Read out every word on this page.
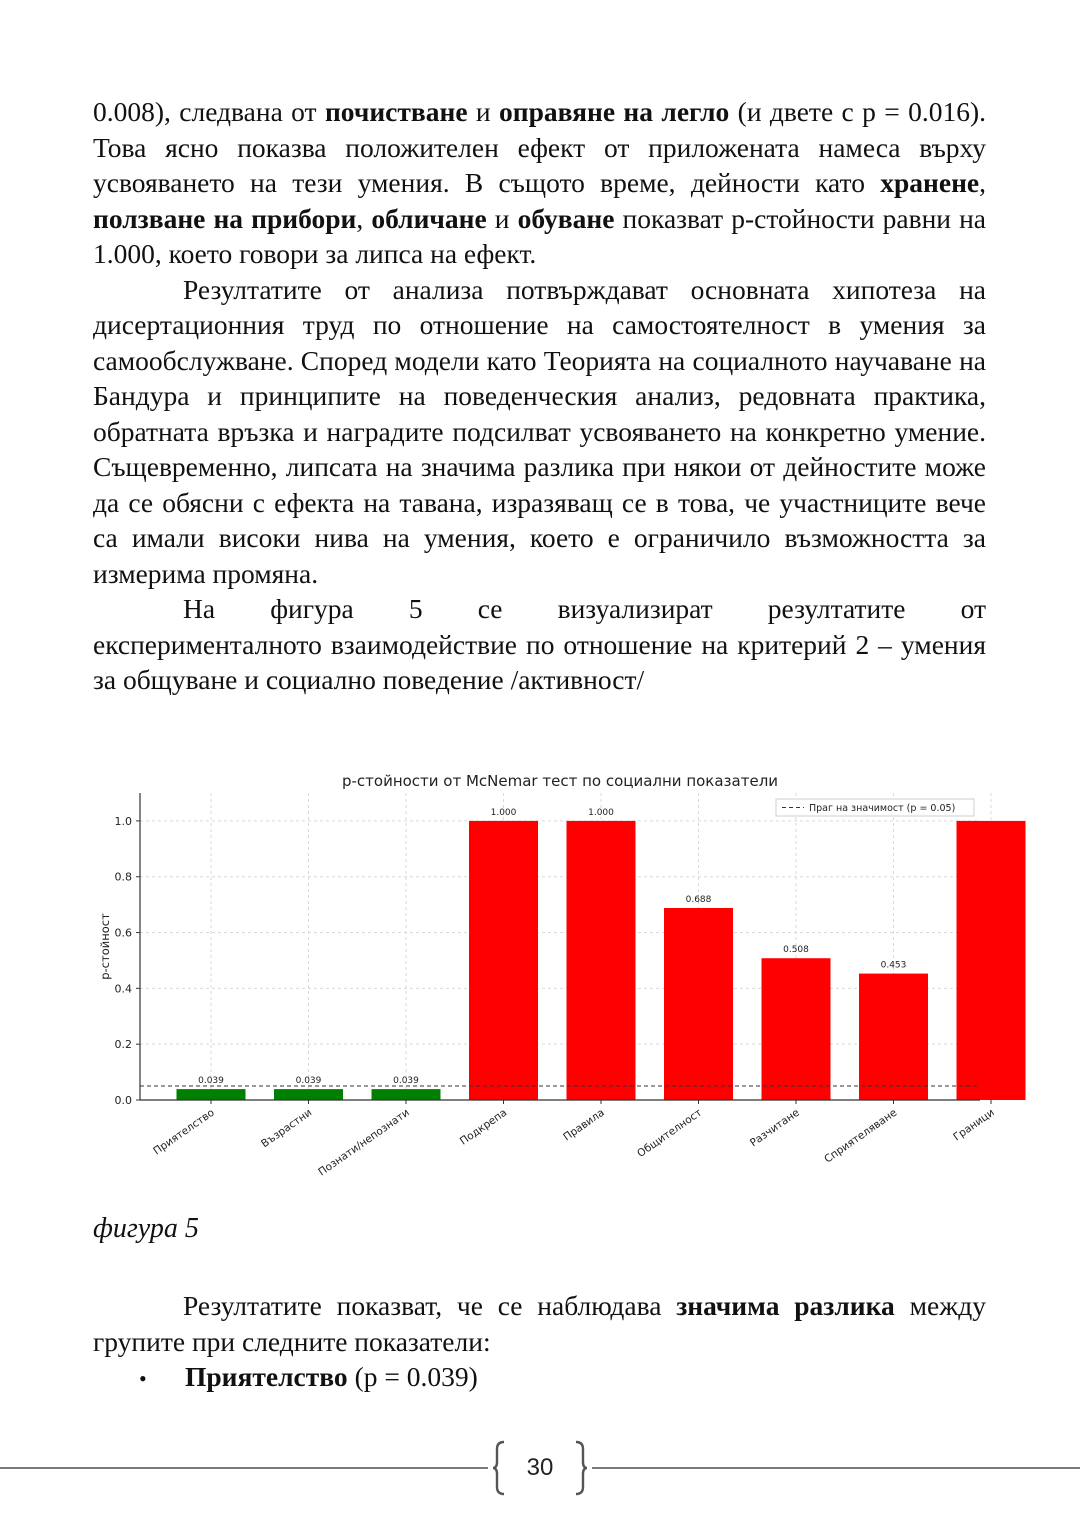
0.008), следвана от почистване и оправяне на легло (и двете с p = 0.016). Това ясно показва положителен ефект от приложената намеса върху усвояването на тези умения. В същото време, дейности като хранене, ползване на прибори, обличане и обуване показват p-стойности равни на 1.000, което говори за липса на ефект.

Резултатите от анализа потвърждават основната хипотеза на дисертационния труд по отношение на самостоятелност в умения за самообслужване. Според модели като Теорията на социалното научаване на Бандура и принципите на поведенческия анализ, редовната практика, обратната връзка и наградите подсилват усвояването на конкретно умение. Същевременно, липсата на значима разлика при някои от дейностите може да се обясни с ефекта на тавана, изразяващ се в това, че участниците вече са имали високи нива на умения, което е ограничило възможността за измерима промяна.

На фигура 5 се визуализират резултатите от

експерименталното взаимодействие по отношение на критерий 2 – умения за общуване и социално поведение /активност/

p-стойности от McNemar тест по социални показатели
0.0
0.2
0.4
0.6
0.8
1.0
0.039	0.039	0.039
1.000	1.000
0.688
0.508
0.453
Приятелство	Възрастни Познати/непознати	Подкрепа	Правила	Общителност	Разчитане Сприятеляване	Граници
p-стойност
Праг на значимост (p = 0.05)
фигура 5

Резултатите показват, че се наблюдава значима разлика между групите при следните показатели:

•	Приятелство (p = 0.039)
30
